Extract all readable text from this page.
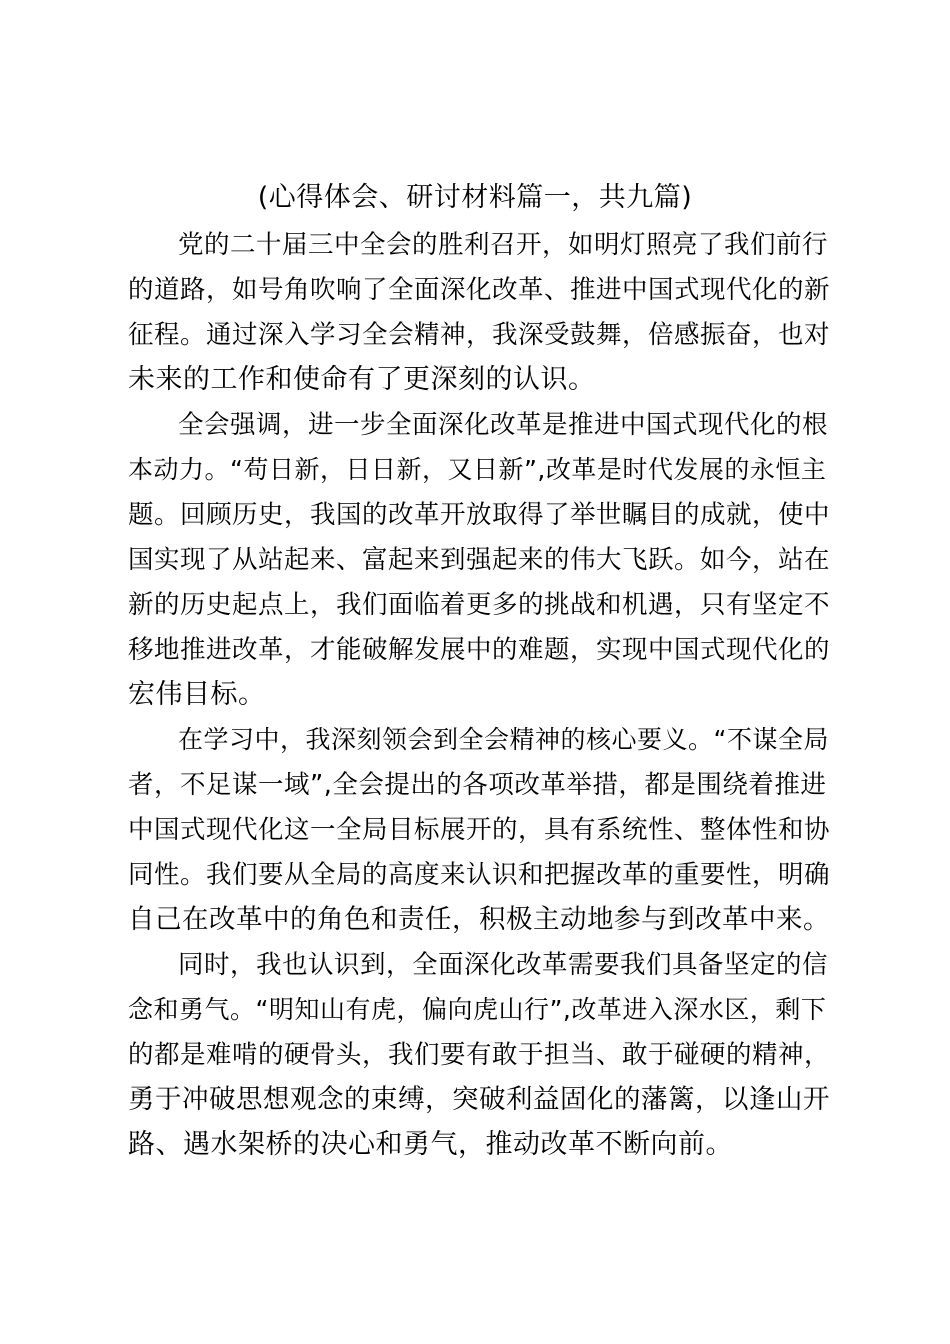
(心得体会、研讨材料篇一，共九篇)
党的二十届三中全会的胜利召开，如明灯照亮了我们前行
的道路，如号角吹响了全面深化改革、推进中国式现代化的新
征程。通过深入学习全会精神，我深受鼓舞，倍感振奋，也对
未来的工作和使命有了更深刻的认识。
全会强调，进一步全面深化改革是推进中国式现代化的根
本动力。“苟日新，日日新，又日新”,改革是时代发展的永恒主
题。回顾历史，我国的改革开放取得了举世瞩目的成就，使中
国实现了从站起来、富起来到强起来的伟大飞跃。如今，站在
新的历史起点上，我们面临着更多的挑战和机遇，只有坚定不
移地推进改革，才能破解发展中的难题，实现中国式现代化的
宏伟目标。
在学习中，我深刻领会到全会精神的核心要义。“不谋全局
者，不足谋一域”,全会提出的各项改革举措，都是围绕着推进
中国式现代化这一全局目标展开的，具有系统性、整体性和协
同性。我们要从全局的高度来认识和把握改革的重要性，明确
自己在改革中的角色和责任，积极主动地参与到改革中来。
同时，我也认识到，全面深化改革需要我们具备坚定的信
念和勇气。“明知山有虎，偏向虎山行”,改革进入深水区，剩下
的都是难啃的硬骨头，我们要有敢于担当、敢于碰硬的精神，
勇于冲破思想观念的束缚，突破利益固化的藩篱，以逢山开
路、遇水架桥的决心和勇气，推动改革不断向前。
